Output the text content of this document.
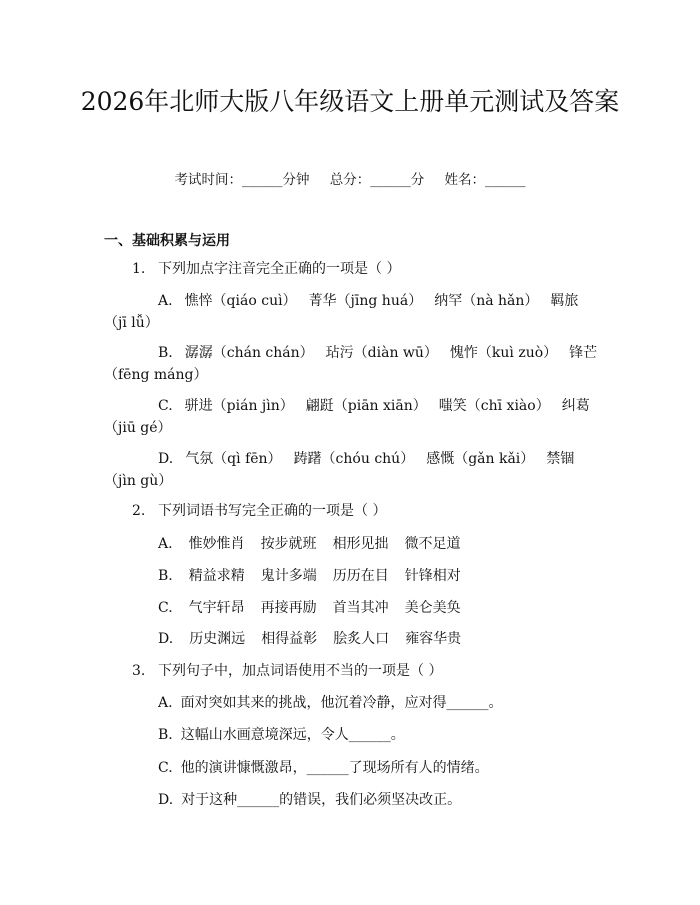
2026年北师大版八年级语文上册单元测试及答案
考试时间：______分钟 总分：______分 姓名：______
一、基础积累与运用
1. 下列加点字注音完全正确的一项是（ ）
A. 憔悴（qiáo cuì） 菁华（jīng huá） 纳罕（nà hǎn） 羁旅（jī lǚ）
B. 潺潺（chán chán） 玷污（diàn wū） 愧怍（kuì zuò） 锋芒（fēng máng）
C. 骈进（pián jìn） 翩跹（piān xiān） 嗤笑（chī xiào） 纠葛（jiū gé）
D. 气氛（qì fēn） 踌躇（chóu chú） 感慨（gǎn kǎi） 禁锢（jìn gù）
2. 下列词语书写完全正确的一项是（ ）
A. 惟妙惟肖 按步就班 相形见拙 微不足道
B. 精益求精 鬼计多端 历历在目 针锋相对
C. 气宇轩昂 再接再励 首当其冲 美仑美奂
D. 历史渊远 相得益彰 脍炙人口 雍容华贵
3. 下列句子中，加点词语使用不当的一项是（ ）
A. 面对突如其来的挑战，他沉着冷静，应对得______。
B. 这幅山水画意境深远，令人______。
C. 他的演讲慷慨激昂，______了现场所有人的情绪。
D. 对于这种______的错误，我们必须坚决改正。
